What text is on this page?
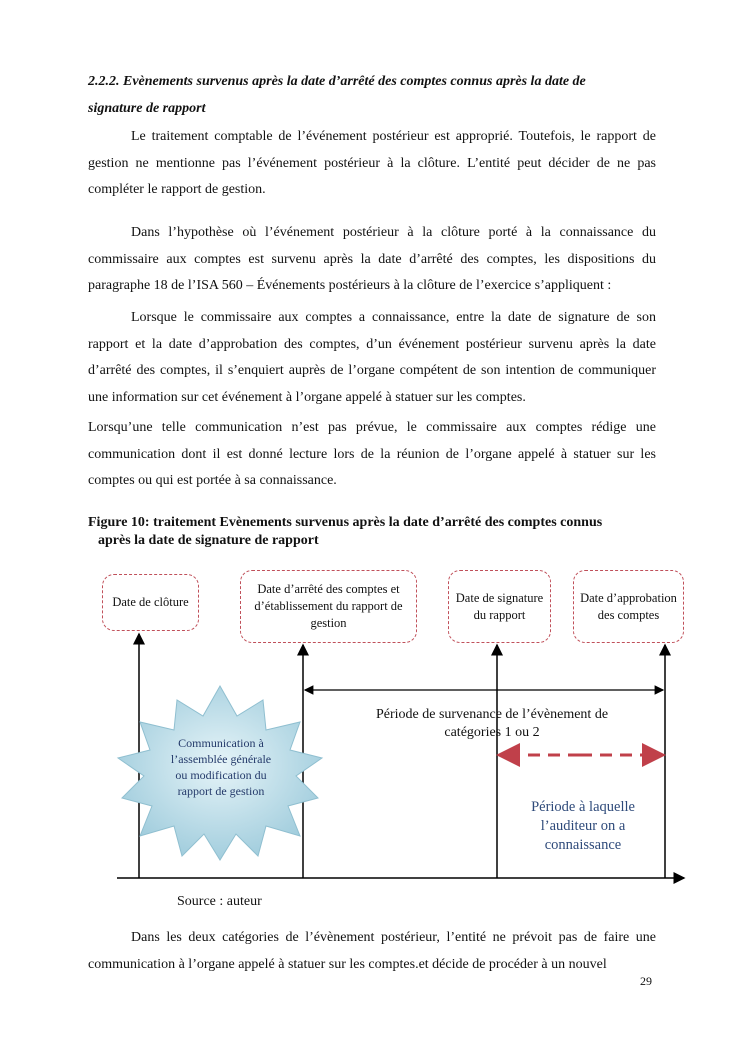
2.2.2. Evènements survenus après la date d’arrêté des comptes connus après la date de
signature de rapport
Le traitement comptable de l’événement postérieur est approprié. Toutefois, le rapport de gestion ne mentionne pas l’événement postérieur à la clôture. L’entité peut décider de ne pas compléter le rapport de gestion.
Dans l’hypothèse où l’événement postérieur à la clôture porté à la connaissance du commissaire aux comptes est survenu après la date d’arrêté des comptes, les dispositions du paragraphe 18 de l’ISA 560 – Événements postérieurs à la clôture de l’exercice s’appliquent :
Lorsque le commissaire aux comptes a connaissance, entre la date de signature de son rapport et la date d’approbation des comptes, d’un événement postérieur survenu après la date d’arrêté des comptes, il s’enquiert auprès de l’organe compétent de son intention de communiquer une information sur cet événement à l’organe appelé à statuer sur les comptes.
Lorsqu’une telle communication n’est pas prévue, le commissaire aux comptes rédige une communication dont il est donné lecture lors de la réunion de l’organe appelé à statuer sur les comptes ou qui est portée à sa connaissance.
Figure 10: traitement Evènements survenus après la date d’arrêté des comptes connus
après la date de signature de rapport
Date de clôture
Date d’arrêté des comptes et d’établissement du rapport de gestion
Date de signature du rapport
Date d’approbation des comptes
Communication à l’assemblée générale ou modification du rapport de gestion
Période de survenance de l’évènement de catégories 1 ou 2
Période à laquelle l’auditeur on a connaissance
Source : auteur
Dans les deux catégories de l’évènement postérieur, l’entité ne prévoit pas de faire une communication à l’organe appelé à statuer sur les comptes.et décide de procéder à un nouvel
29
